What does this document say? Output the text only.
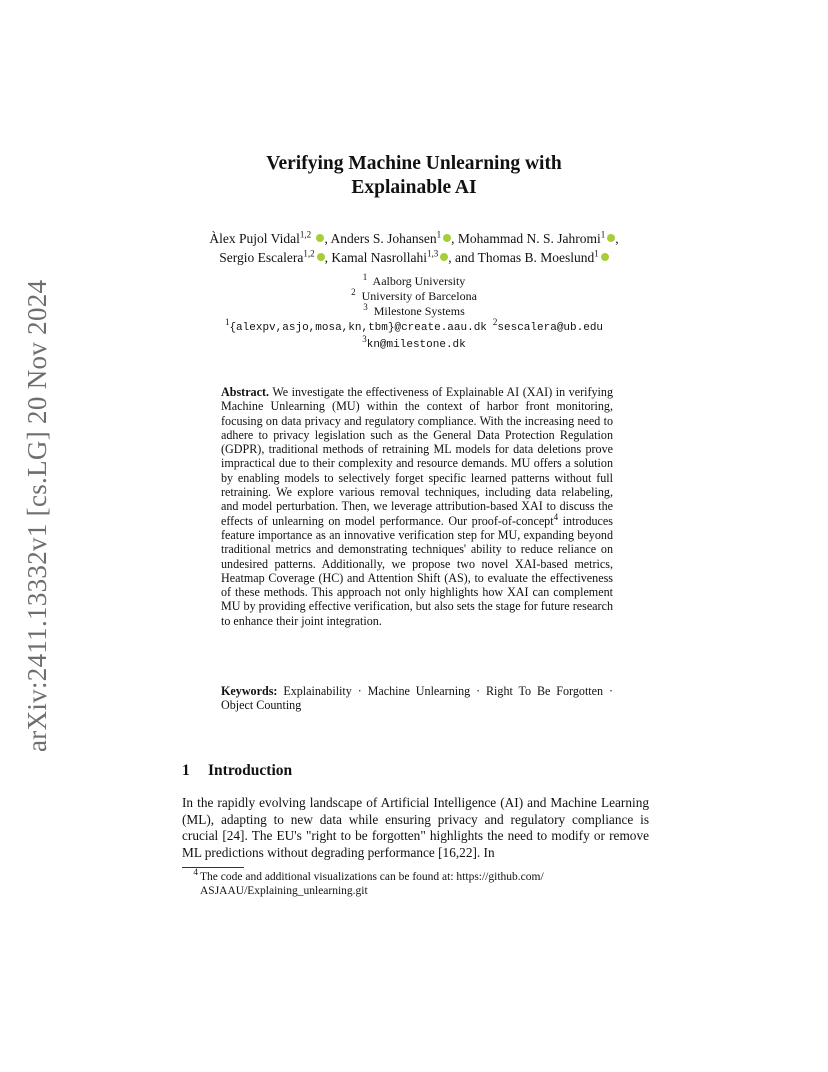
arXiv:2411.13332v1 [cs.LG] 20 Nov 2024
Verifying Machine Unlearning with
Explainable AI
Àlex Pujol Vidal$^{1,2}$ , Anders S. Johansen$^1$ , Mohammad N. S. Jahromi$^1$ ,
Sergio Escalera$^{1,2}$ , Kamal Nasrollahi$^{1,3}$ , and Thomas B. Moeslund$^1$
$^1$ Aalborg University
$^2$ University of Barcelona
$^3$ Milestone Systems
$^1${alexpv,asjo,mosa,kn,tbm}@create.aau.dk $^2$sescalera@ub.edu
$^3$kn@milestone.dk
Abstract. We investigate the effectiveness of Explainable AI (XAI) in verifying Machine Unlearning (MU) within the context of harbor front monitoring, focusing on data privacy and regulatory compliance. With the increasing need to adhere to privacy legislation such as the General Data Protection Regulation (GDPR), traditional methods of retraining ML models for data deletions prove impractical due to their complexity and resource demands. MU offers a solution by enabling models to selectively forget specific learned patterns without full retraining. We explore various removal techniques, including data relabeling, and model perturbation. Then, we leverage attribution-based XAI to discuss the effects of unlearning on model performance. Our proof-of-concept$^4$ introduces feature importance as an innovative verification step for MU, expanding beyond traditional metrics and demonstrating techniques' ability to reduce reliance on undesired patterns. Additionally, we propose two novel XAI-based metrics, Heatmap Coverage (HC) and Attention Shift (AS), to evaluate the effectiveness of these methods. This approach not only highlights how XAI can complement MU by providing effective verification, but also sets the stage for future research to enhance their joint integration.
Keywords: Explainability · Machine Unlearning · Right To Be Forgotten · Object Counting
1 Introduction
In the rapidly evolving landscape of Artificial Intelligence (AI) and Machine Learning (ML), adapting to new data while ensuring privacy and regulatory compliance is crucial [24]. The EU's "right to be forgotten" highlights the need to modify or remove ML predictions without degrading performance [16,22]. In
$^4$ The code and additional visualizations can be found at: https://github.com/
ASJAAU/Explaining_unlearning.git
